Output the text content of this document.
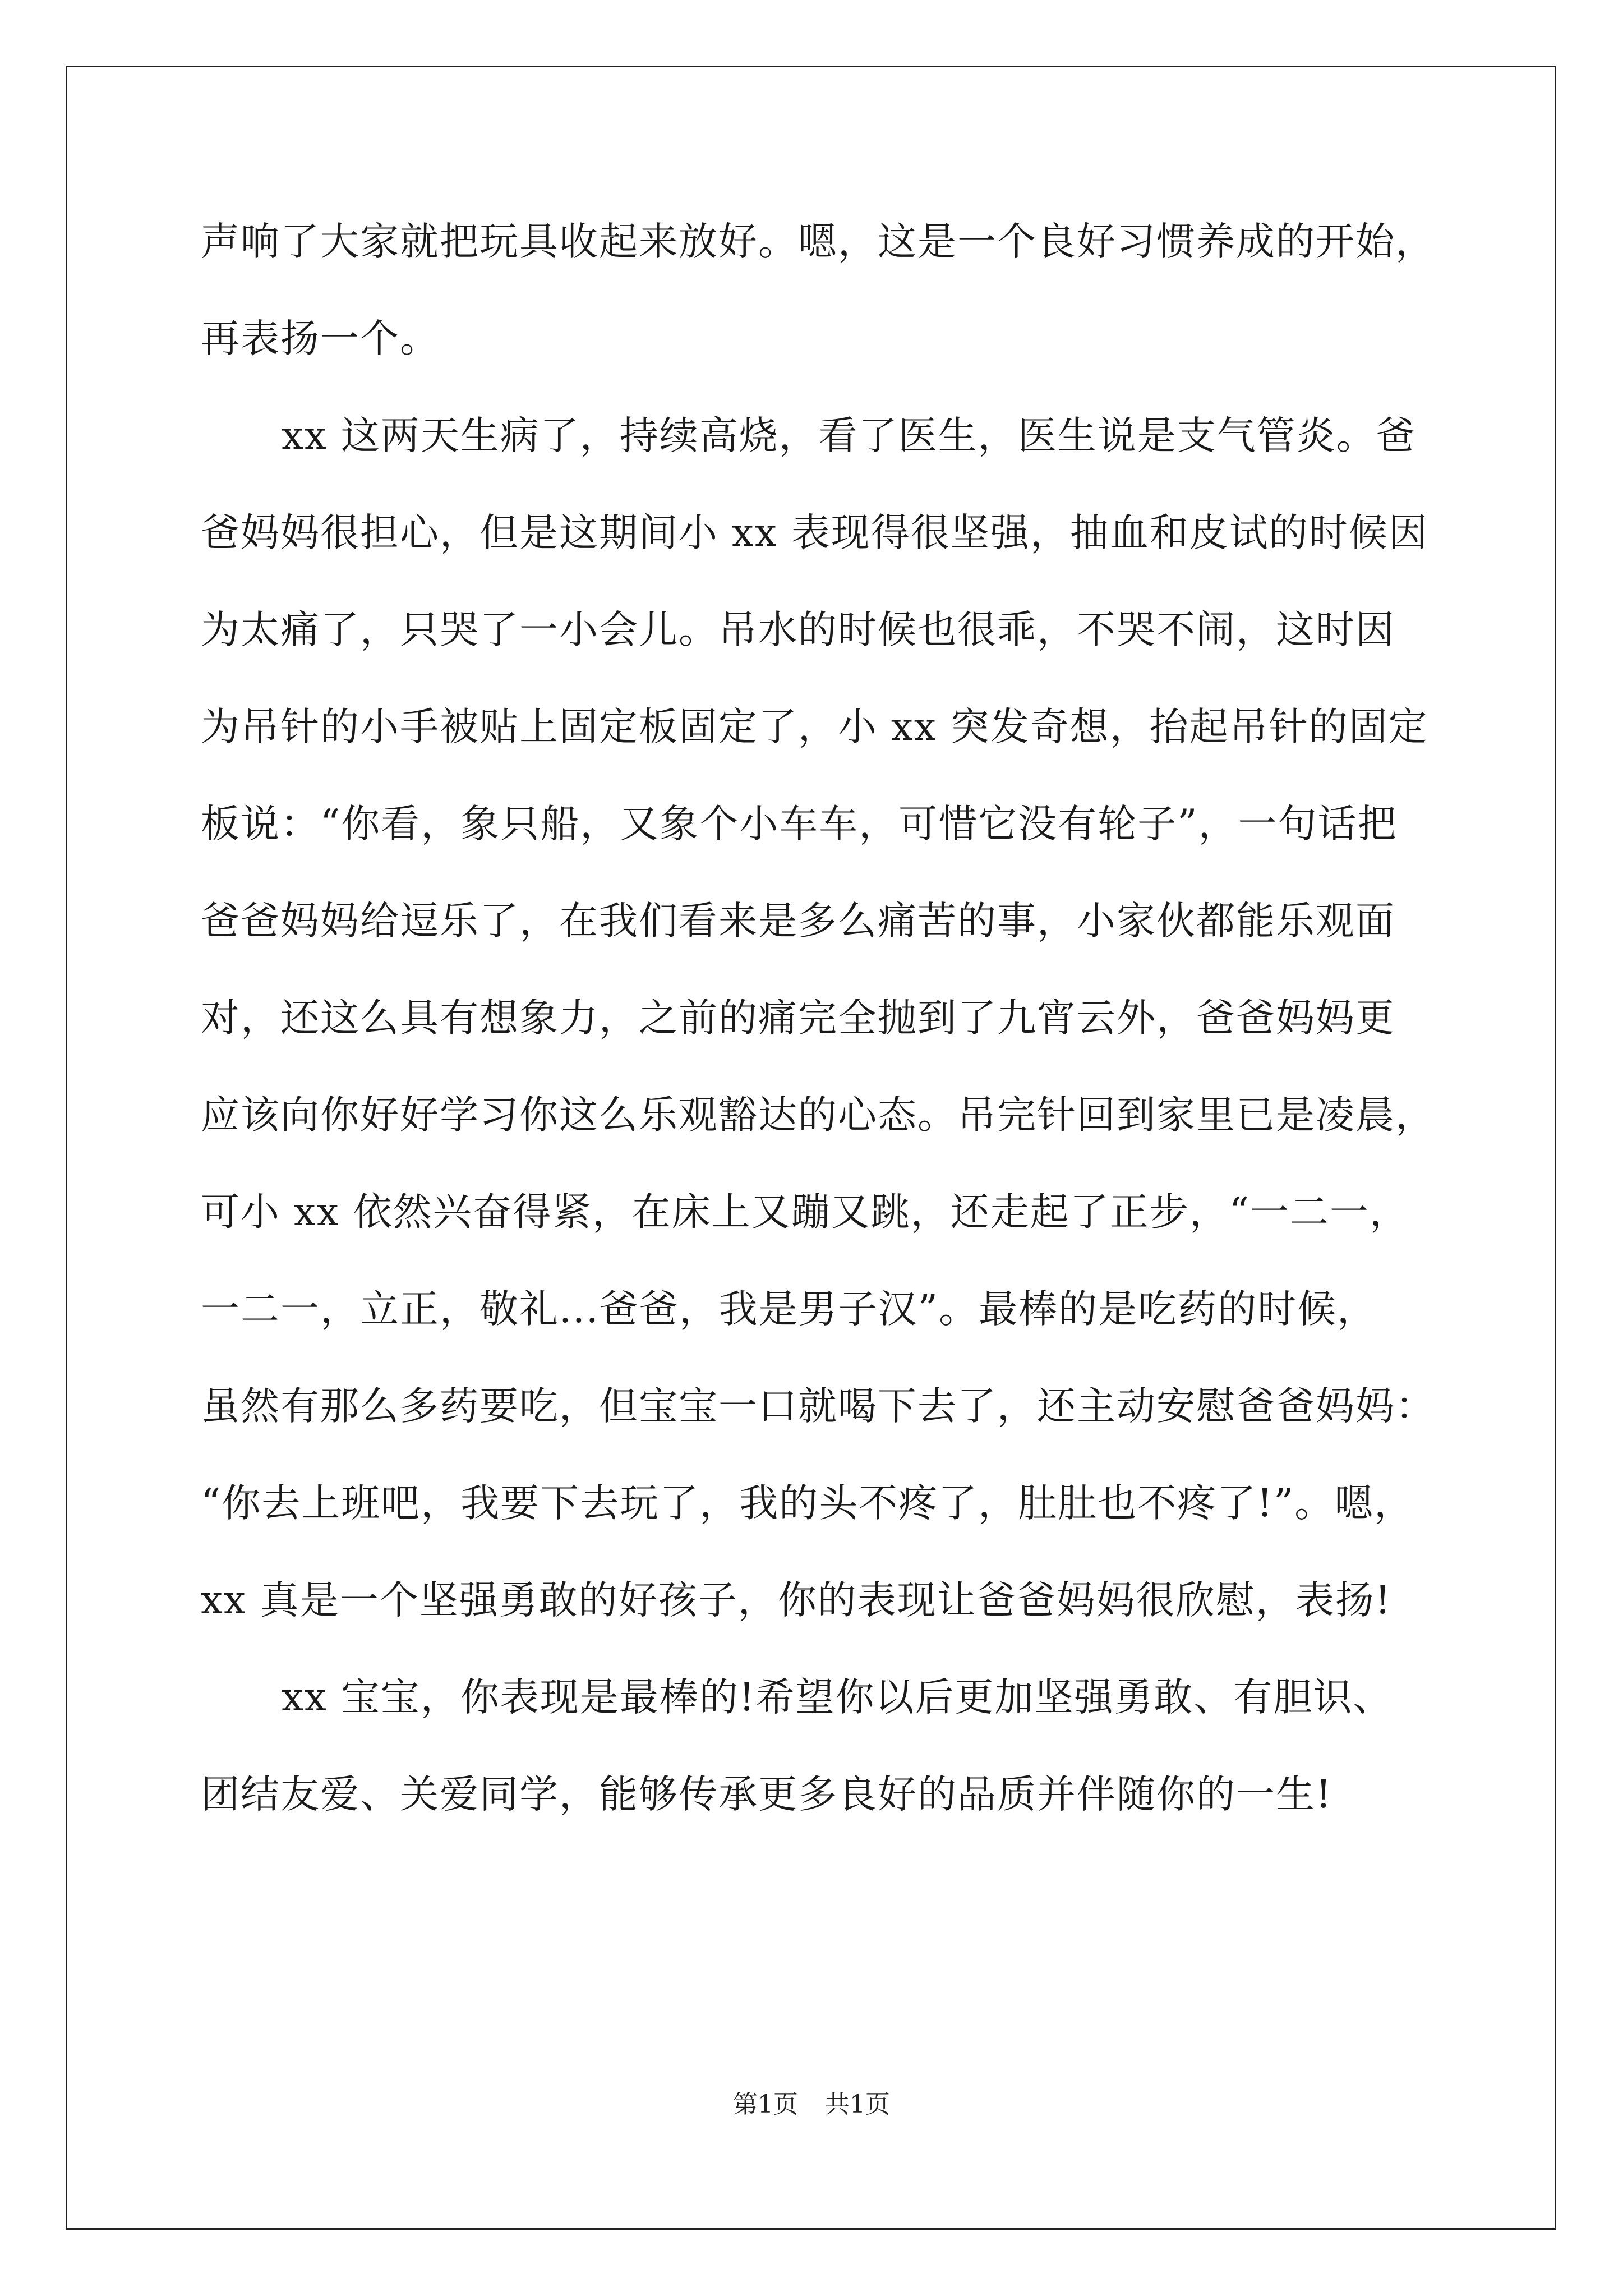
声响了大家就把玩具收起来放好。嗯，这是一个良好习惯养成的开始，
再表扬一个。
xx 这两天生病了，持续高烧，看了医生，医生说是支气管炎。爸
爸妈妈很担心，但是这期间小 xx 表现得很坚强，抽血和皮试的时候因
为太痛了，只哭了一小会儿。吊水的时候也很乖，不哭不闹，这时因
为吊针的小手被贴上固定板固定了，小 xx 突发奇想，抬起吊针的固定
板说：“你看，象只船，又象个小车车，可惜它没有轮子”，一句话把
爸爸妈妈给逗乐了，在我们看来是多么痛苦的事，小家伙都能乐观面
对，还这么具有想象力，之前的痛完全抛到了九宵云外，爸爸妈妈更
应该向你好好学习你这么乐观豁达的心态。吊完针回到家里已是凌晨，
可小 xx 依然兴奋得紧，在床上又蹦又跳，还走起了正步，“一二一，
一二一，立正，敬礼...爸爸，我是男子汉”。最棒的是吃药的时候，
虽然有那么多药要吃，但宝宝一口就喝下去了，还主动安慰爸爸妈妈：
“你去上班吧，我要下去玩了，我的头不疼了，肚肚也不疼了!”。嗯，
xx 真是一个坚强勇敢的好孩子，你的表现让爸爸妈妈很欣慰，表扬!
xx 宝宝，你表现是最棒的!希望你以后更加坚强勇敢、有胆识、
团结友爱、关爱同学，能够传承更多良好的品质并伴随你的一生!
第1页 共1页
